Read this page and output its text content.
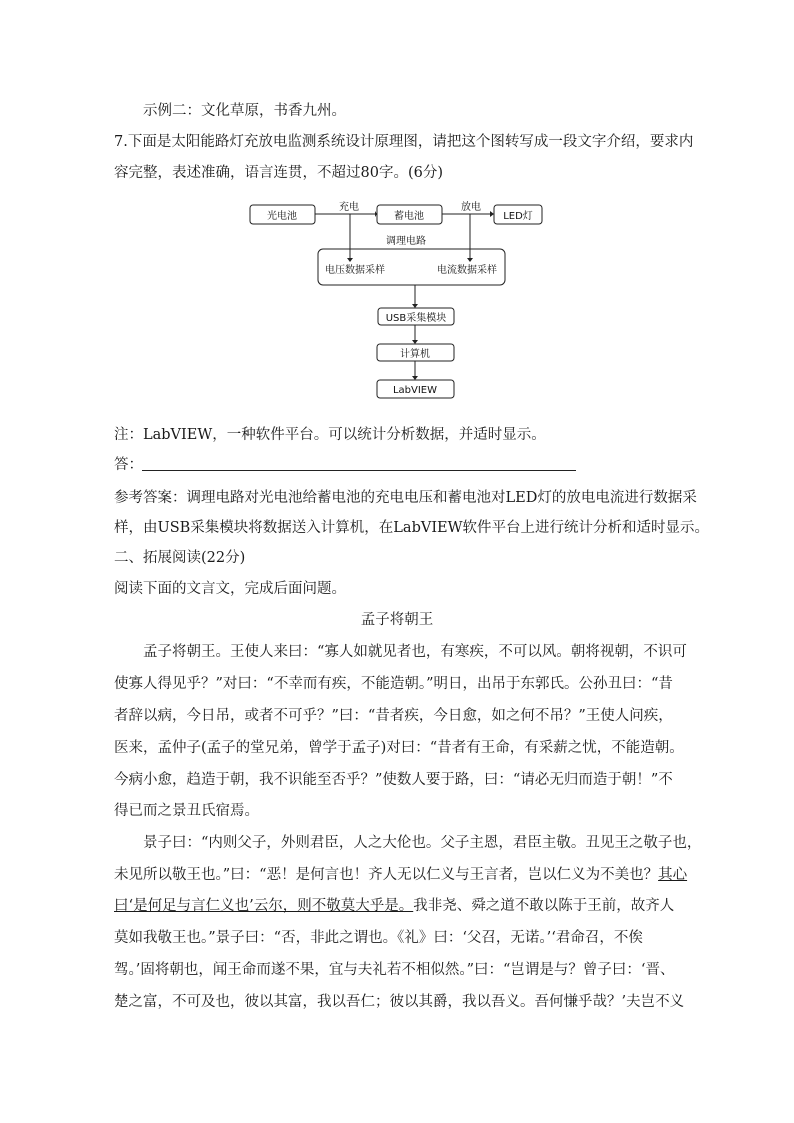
示例二：文化草原，书香九州。
7.下面是太阳能路灯充放电监测系统设计原理图，请把这个图转写成一段文字介绍，要求内
容完整，表述准确，语言连贯，不超过80字。(6分)
光电池	蓄电池	LED灯
充电	放电
调理电路
电压数据采样	电流数据采样
USB采集模块
计算机
LabVIEW
注：LabVIEW，一种软件平台。可以统计分析数据，并适时显示。
答：
参考答案：调理电路对光电池给蓄电池的充电电压和蓄电池对LED灯的放电电流进行数据采
样，由USB采集模块将数据送入计算机，在LabVIEW软件平台上进行统计分析和适时显示。
二、拓展阅读(22分)
阅读下面的文言文，完成后面问题。
孟子将朝王
孟子将朝王。王使人来曰：“寡人如就见者也，有寒疾，不可以风。朝将视朝，不识可
使寡人得见乎？”对曰：“不幸而有疾，不能造朝。”明日，出吊于东郭氏。公孙丑曰：“昔
者辞以病，今日吊，或者不可乎？”曰：“昔者疾，今日愈，如之何不吊？”王使人问疾，
医来，孟仲子(孟子的堂兄弟，曾学于孟子)对曰：“昔者有王命，有采薪之忧，不能造朝。
今病小愈，趋造于朝，我不识能至否乎？”使数人要于路，曰：“请必无归而造于朝！”不
得已而之景丑氏宿焉。
景子曰：“内则父子，外则君臣，人之大伦也。父子主恩，君臣主敬。丑见王之敬子也，
未见所以敬王也。”曰：“恶！是何言也！齐人无以仁义与王言者，岂以仁义为不美也？其心
曰‘是何足与言仁义也’云尔，则不敬莫大乎是。我非尧、舜之道不敢以陈于王前，故齐人
莫如我敬王也。”景子曰：“否，非此之谓也。《礼》曰：‘父召，无诺。’‘君命召，不俟
驾。’固将朝也，闻王命而遂不果，宜与夫礼若不相似然。”曰：“岂谓是与？曾子曰：‘晋、
楚之富，不可及也，彼以其富，我以吾仁；彼以其爵，我以吾义。吾何慊乎哉？’夫岂不义
